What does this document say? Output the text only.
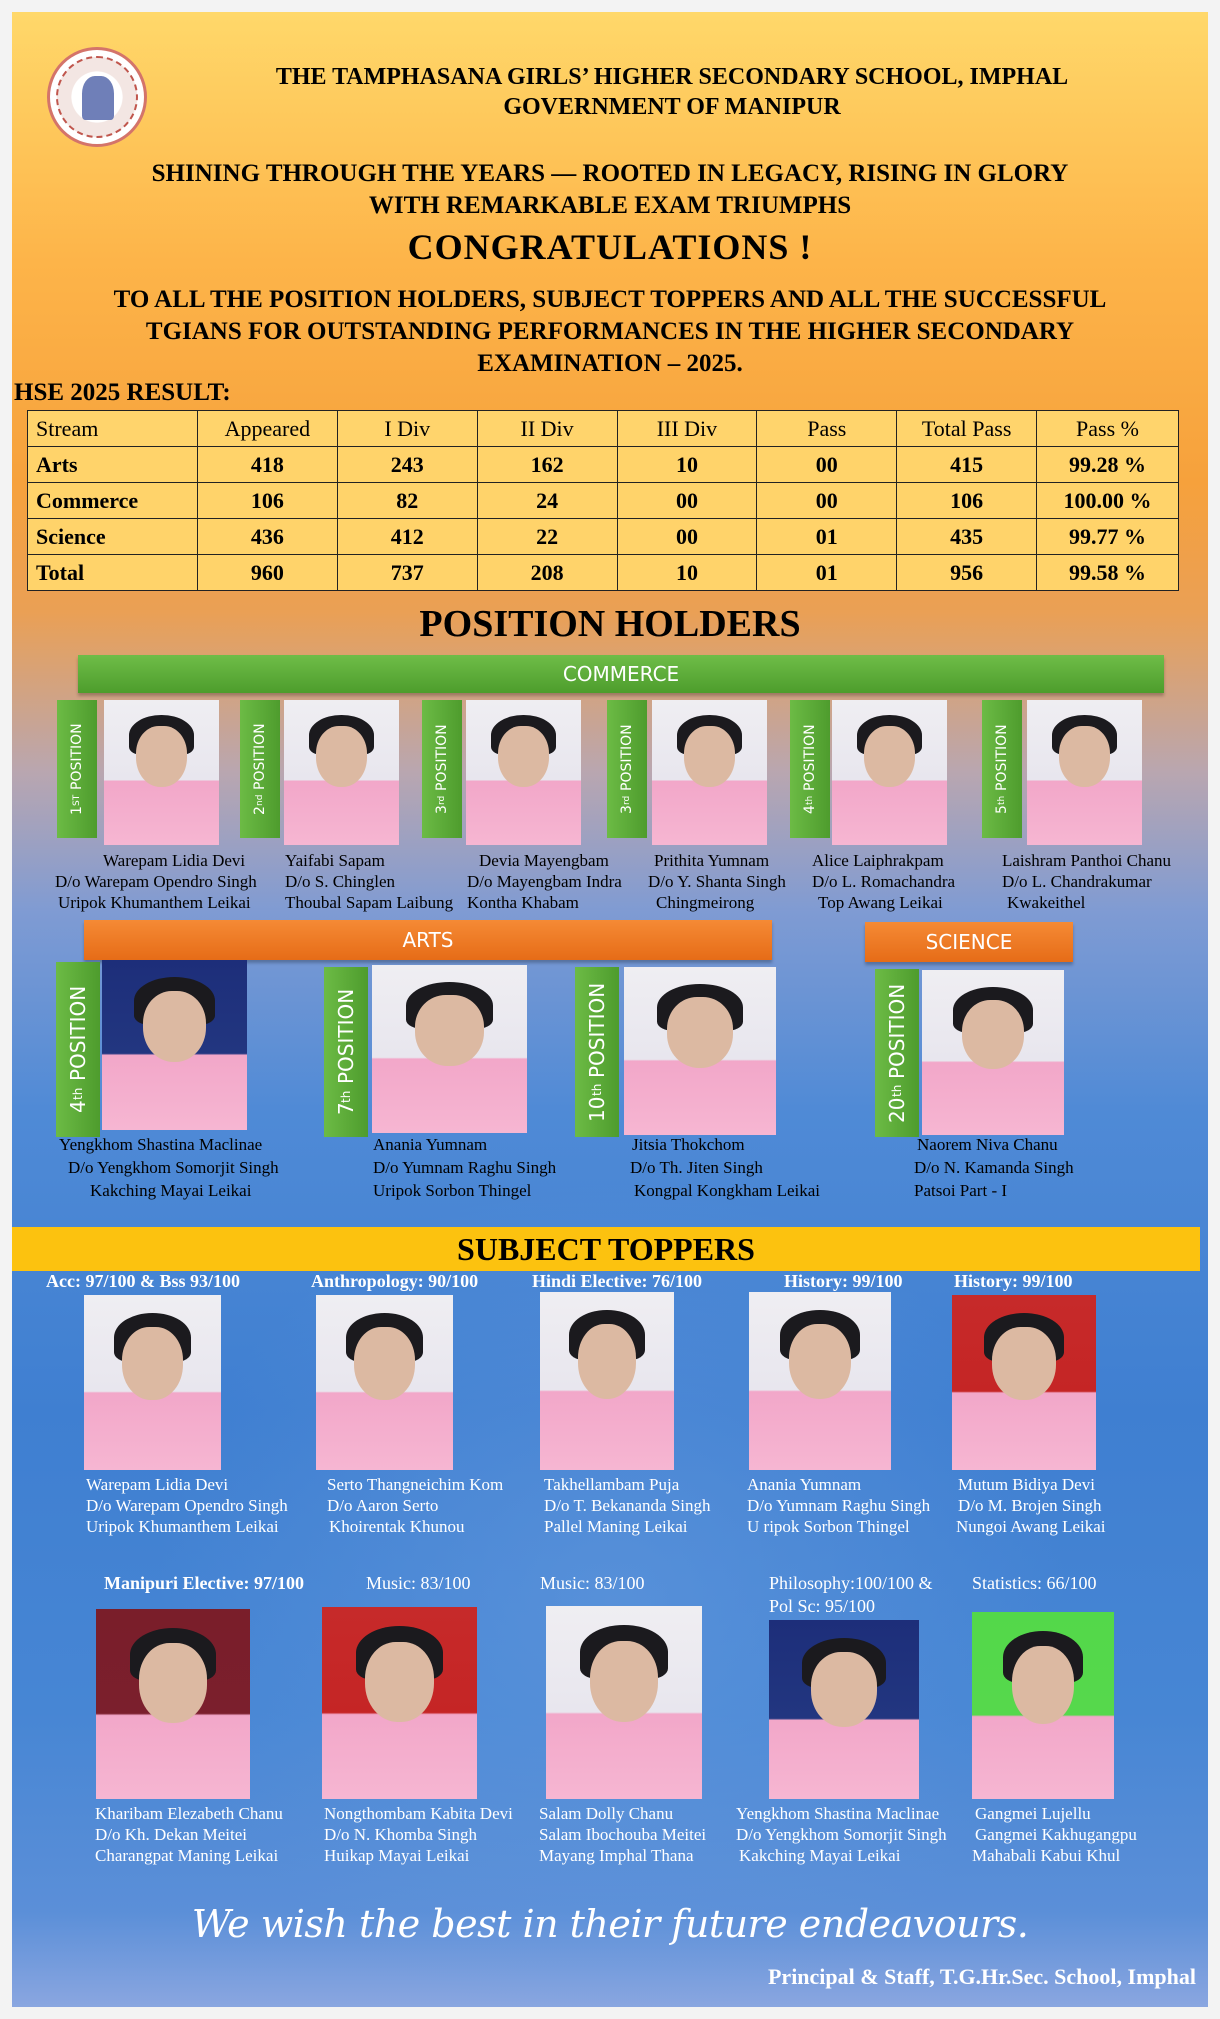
THE TAMPHASANA GIRLS’ HIGHER SECONDARY SCHOOL, IMPHAL
GOVERNMENT OF MANIPUR
SHINING THROUGH THE YEARS — ROOTED IN LEGACY, RISING IN GLORY
WITH REMARKABLE EXAM TRIUMPHS
CONGRATULATIONS !
TO ALL THE POSITION HOLDERS, SUBJECT TOPPERS AND ALL THE SUCCESSFUL
TGIANS FOR OUTSTANDING PERFORMANCES IN THE HIGHER SECONDARY
EXAMINATION – 2025.
HSE 2025 RESULT:
Stream	Appeared	I Div	II Div	III Div	Pass	Total Pass	Pass %
Arts	418	243	162	10	00	415	99.28 %
Commerce	106	82	24	00	00	106	100.00 %
Science	436	412	22	00	01	435	99.77 %
Total	960	737	208	10	01	956	99.58 %
POSITION HOLDERS
COMMERCE
1
ST

POSITION
Warepam Lidia Devi
D/o Warepam Opendro Singh
Uripok Khumanthem Leikai
2
nd

POSITION
Yaifabi Sapam
D/o S. Chinglen
Thoubal Sapam Laibung
3
rd

POSITION
Devia Mayengbam
D/o Mayengbam Indra
Kontha Khabam
3
rd

POSITION
Prithita Yumnam
D/o Y. Shanta Singh
Chingmeirong
4
th

POSITION
Alice Laiphrakpam
D/o L. Romachandra
Top Awang Leikai
5
th

POSITION
Laishram Panthoi Chanu
D/o L. Chandrakumar
Kwakeithel
ARTS	SCIENCE
4
th

POSITION
Yengkhom Shastina Maclinae
D/o Yengkhom Somorjit Singh
Kakching Mayai Leikai
7
th

POSITION
Anania Yumnam
D/o Yumnam Raghu Singh
Uripok Sorbon Thingel
10
th

POSITION
Jitsia Thokchom
D/o Th. Jiten Singh
Kongpal Kongkham Leikai
20
th

POSITION
Naorem Niva Chanu
D/o N. Kamanda Singh
Patsoi Part - I
SUBJECT TOPPERS
Acc: 97/100 & Bss 93/100
Warepam Lidia Devi
D/o Warepam Opendro Singh
Uripok Khumanthem Leikai
Anthropology: 90/100
Serto Thangneichim Kom
D/o Aaron Serto
Khoirentak Khunou
Hindi Elective: 76/100
Takhellambam Puja
D/o T. Bekananda Singh
Pallel Maning Leikai
History: 99/100
Anania Yumnam
D/o Yumnam Raghu Singh
U ripok Sorbon Thingel
History: 99/100
Mutum Bidiya Devi
D/o M. Brojen Singh
Nungoi Awang Leikai
Manipuri Elective: 97/100
Kharibam Elezabeth Chanu
D/o Kh. Dekan Meitei
Charangpat Maning Leikai
Music: 83/100
Nongthombam Kabita Devi
D/o N. Khomba Singh
Huikap Mayai Leikai
Music: 83/100
Salam Dolly Chanu
Salam Ibochouba Meitei
Mayang Imphal Thana
Philosophy:100/100 &
Pol Sc: 95/100
Yengkhom Shastina Maclinae
D/o Yengkhom Somorjit Singh
Kakching Mayai Leikai
Statistics: 66/100
Gangmei Lujellu
Gangmei Kakhugangpu
Mahabali Kabui Khul
We wish the best in their future endeavours.
Principal & Staff, T.G.Hr.Sec. School, Imphal
